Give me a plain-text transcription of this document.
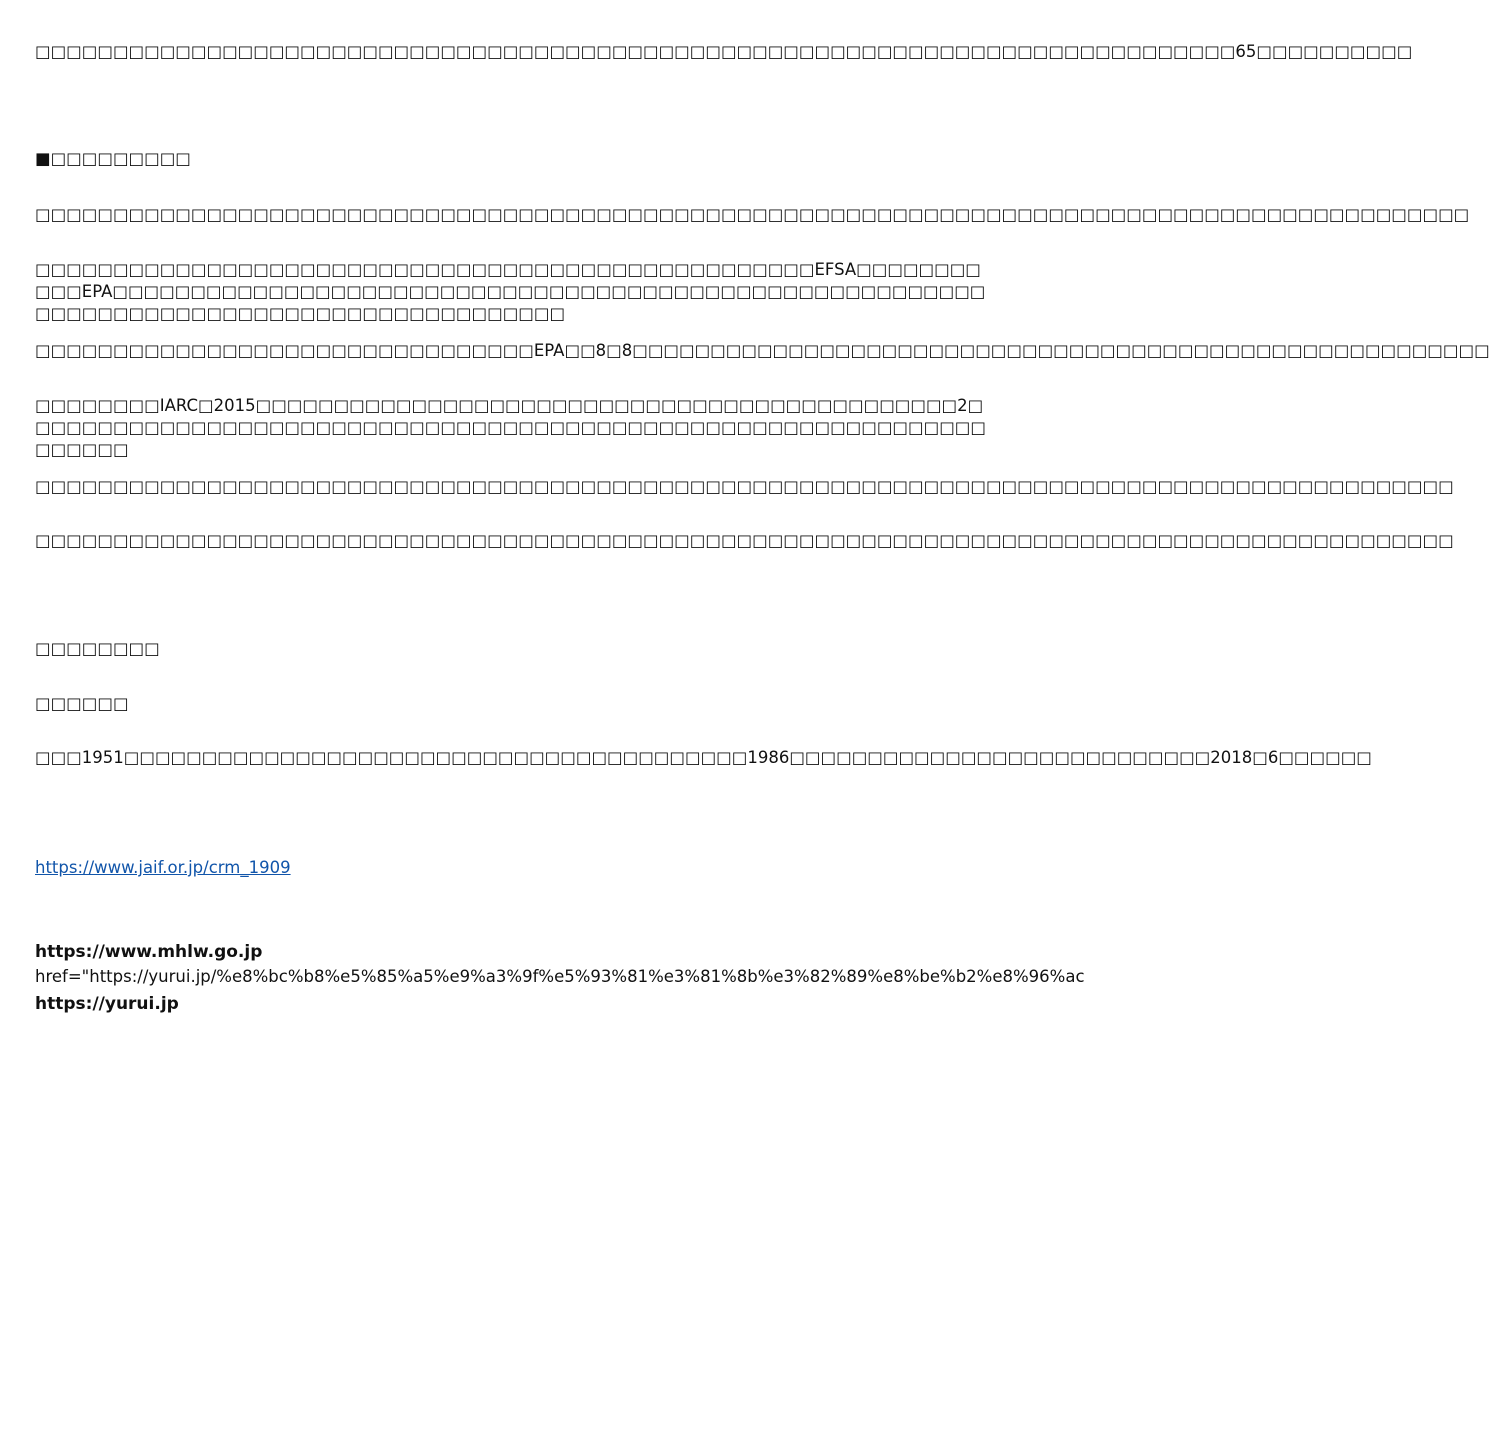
□□□□□□□□□□□□□□□□□□□□□□□□□□□□□□□□□□□□□□□□□□□□□□□□□□□□□□□□□□□□□□□□□□□□□□□□□□□□□65□□□□□□□□□□
■□□□□□□□□□
□□□□□□□□□□□□□□□□□□□□□□□□□□□□□□□□□□□□□□□□□□□□□□□□□□□□□□□□□□□□□□□□□□□□□□□□□□□□□□□□□□□□□□□□□□□□
□□□□□□□□□□□□□□□□□□□□□□□□□□□□□□□□□□□□□□□□□□□□□□□□□□EFSA□□□□□□□□□□□EPA□□□□□□□□□□□□□□□□□□□□□□□□□□□□□□□□□□□□□□□□□□□□□□□□□□□□□□□□□□□□□□□□□□□□□□□□□□□□□□□□□□□□□□□□□□
□□□□□□□□□□□□□□□□□□□□□□□□□□□□□□□□EPA□□8□8□□□□□□□□□□□□□□□□□□□□□□□□□□□□□□□□□□□□□□□□□□□□□□□□□□□□□□□
□□□□□□□□IARC□2015□□□□□□□□□□□□□□□□□□□□□□□□□□□□□□□□□□□□□□□□□□□□□2□□□□□□□□□□□□□□□□□□□□□□□□□□□□□□□□□□□□□□□□□□□□□□□□□□□□□□□□□□□□□□□□□□□□
□□□□□□□□□□□□□□□□□□□□□□□□□□□□□□□□□□□□□□□□□□□□□□□□□□□□□□□□□□□□□□□□□□□□□□□□□□□□□□□□□□□□□□□□□□□
□□□□□□□□□□□□□□□□□□□□□□□□□□□□□□□□□□□□□□□□□□□□□□□□□□□□□□□□□□□□□□□□□□□□□□□□□□□□□□□□□□□□□□□□□□□
□□□□□□□□
□□□□□□
□□□1951□□□□□□□□□□□□□□□□□□□□□□□□□□□□□□□□□□□□□□□□1986□□□□□□□□□□□□□□□□□□□□□□□□□□□2018□6□□□□□□
https://www.jaif.or.jp/crm_1909
https://www.mhlw.go.jp
href="https://yurui.jp/%e8%bc%b8%e5%85%a5%e9%a3%9f%e5%93%81%e3%81%8b%e3%82%89%e8%be%b2%e8%96%ac
https://yurui.jp
